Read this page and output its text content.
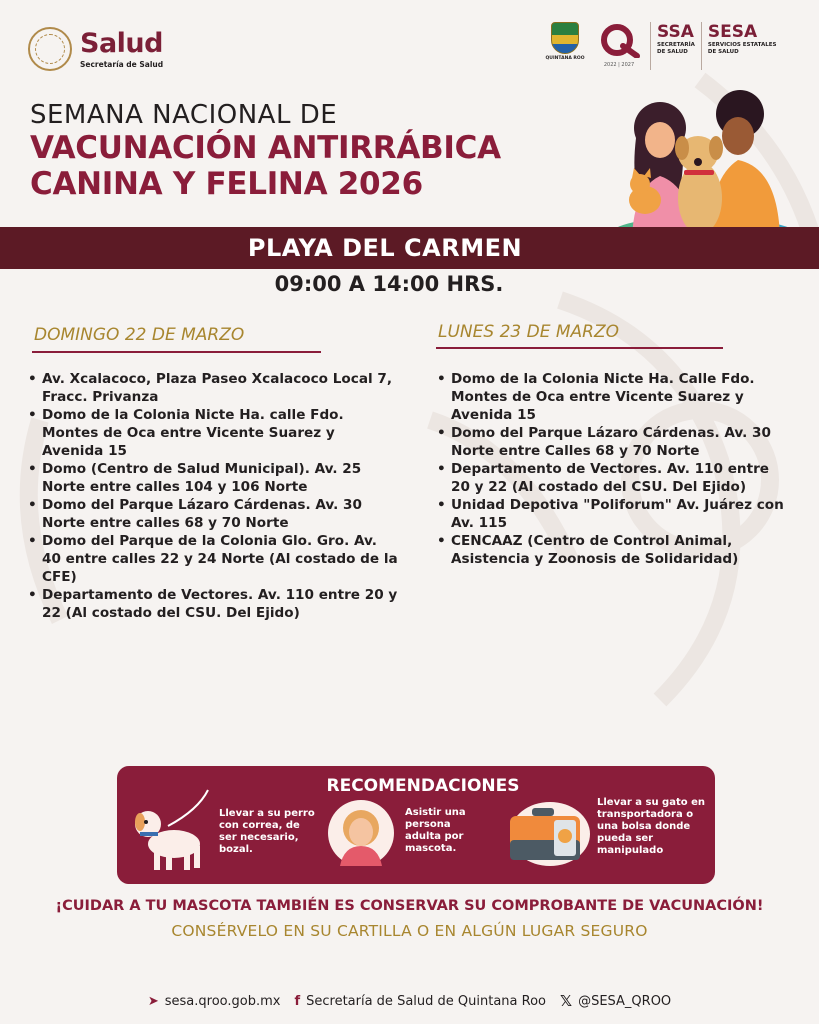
Salud
Secretaría de Salud
QUINTANA ROO
2022 | 2027
SSA
SECRETARÍA
DE SALUD
SESA
SERVICIOS ESTATALES
DE SALUD
SEMANA NACIONAL DE
VACUNACIÓN ANTIRRÁBICA
CANINA Y FELINA 2026
PLAYA DEL CARMEN
09:00 A 14:00 HRS.
DOMINGO 22 DE MARZO
• Av. Xcalacoco, Plaza Paseo Xcalacoco Local 7, Fracc. Privanza
• Domo de la Colonia Nicte Ha. calle Fdo. Montes de Oca entre Vicente Suarez y Avenida 15
• Domo (Centro de Salud Municipal). Av. 25 Norte entre calles 104 y 106 Norte
• Domo del Parque Lázaro Cárdenas. Av. 30 Norte entre calles 68 y 70 Norte
• Domo del Parque de la Colonia Glo. Gro. Av. 40 entre calles 22 y 24 Norte (Al costado de la CFE)
• Departamento de Vectores. Av. 110 entre 20 y 22 (Al costado del CSU. Del Ejido)
LUNES 23 DE MARZO
• Domo de la Colonia Nicte Ha. Calle Fdo. Montes de Oca entre Vicente Suarez y Avenida 15
• Domo del Parque Lázaro Cárdenas. Av. 30 Norte entre Calles 68 y 70 Norte
• Departamento de Vectores. Av. 110 entre 20 y 22 (Al costado del CSU. Del Ejido)
• Unidad Depotiva "Poliforum" Av. Juárez con Av. 115
• CENCAAZ (Centro de Control Animal, Asistencia y Zoonosis de Solidaridad)
RECOMENDACIONES
Llevar a su perro con correa, de ser necesario, bozal.
Asistir una persona adulta por mascota.
Llevar a su gato en transportadora o una bolsa donde pueda ser manipulado
¡CUIDAR A TU MASCOTA TAMBIÉN ES CONSERVAR SU COMPROBANTE DE VACUNACIÓN!
CONSÉRVELO EN SU CARTILLA O EN ALGÚN LUGAR SEGURO
➤ sesa.qroo.gob.mx f Secretaría de Salud de Quintana Roo 𝕏 @SESA_QROO
